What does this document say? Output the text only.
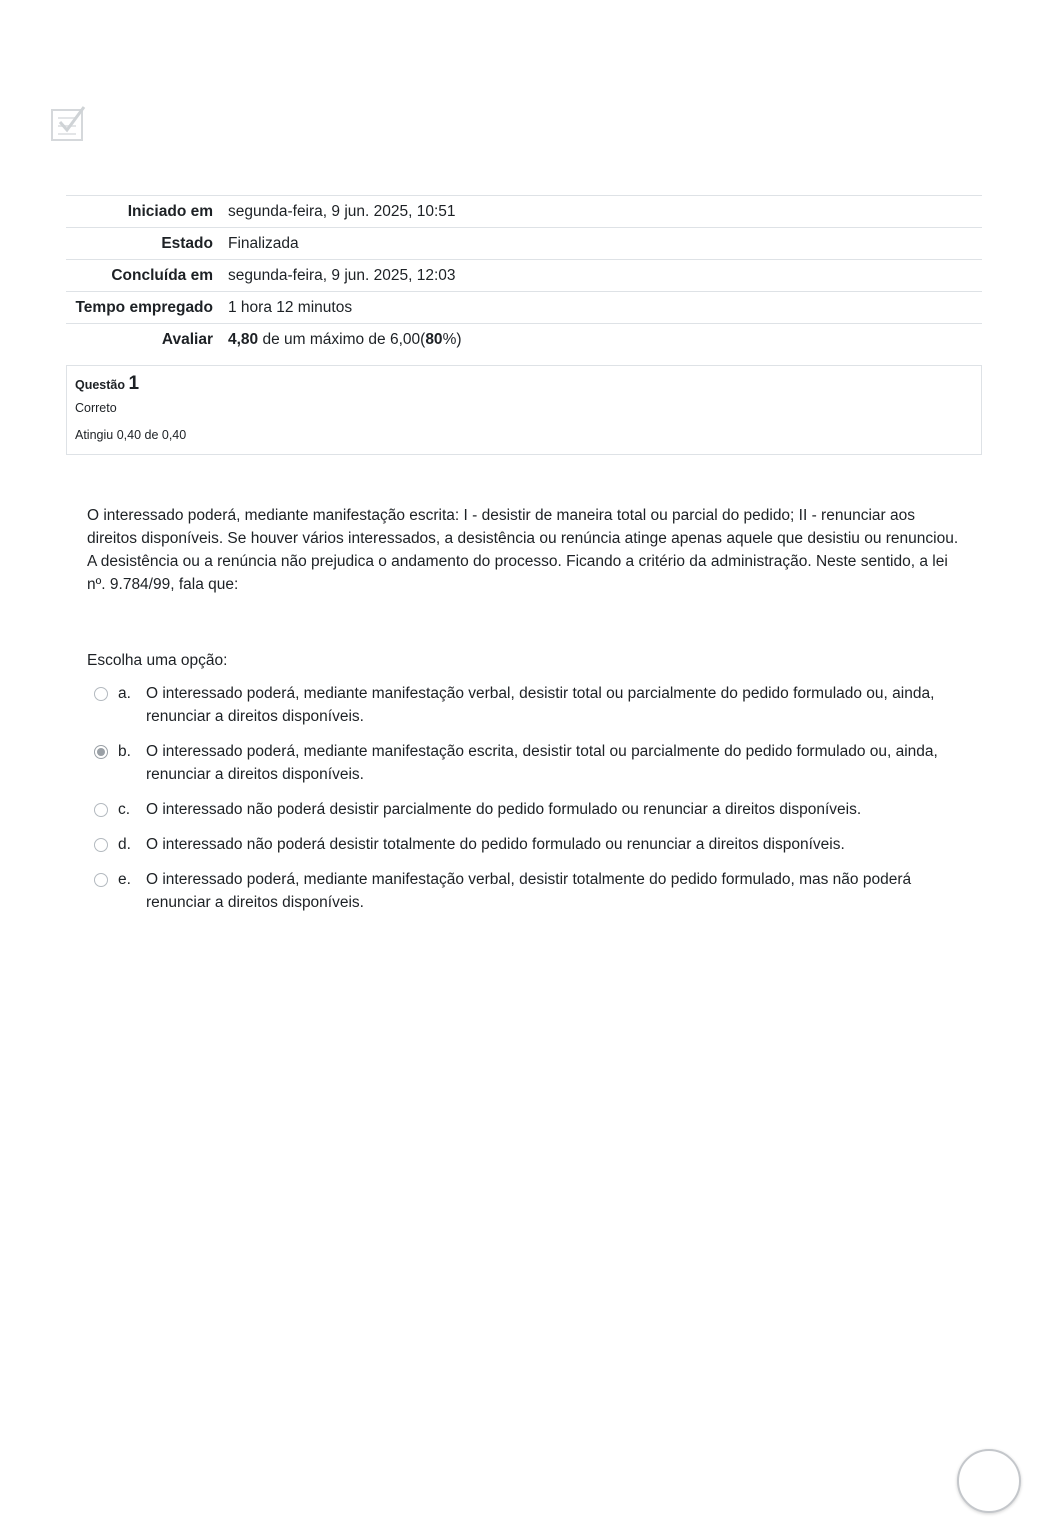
Iniciado em	segunda-feira, 9 jun. 2025, 10:51
Estado	Finalizada
Concluída em	segunda-feira, 9 jun. 2025, 12:03
Tempo empregado	1 hora 12 minutos
Avaliar	4,80 de um máximo de 6,00(80%)
Questão 1
Correto
Atingiu 0,40 de 0,40

O interessado poderá, mediante manifestação escrita: I - desistir de maneira total ou parcial do pedido; II - renunciar aos direitos disponíveis. Se houver vários interessados, a desistência ou renúncia atinge apenas aquele que desistiu ou renunciou. A desistência ou a renúncia não prejudica o andamento do processo. Ficando a critério da administração. Neste sentido, a lei nº. 9.784/99, fala que:

Escolha uma opção:
a. O interessado poderá, mediante manifestação verbal, desistir total ou parcialmente do pedido formulado ou, ainda, renunciar a direitos disponíveis.
b. O interessado poderá, mediante manifestação escrita, desistir total ou parcialmente do pedido formulado ou, ainda, renunciar a direitos disponíveis.
c.	O interessado não poderá desistir parcialmente do pedido formulado ou renunciar a direitos disponíveis.
d. O interessado não poderá desistir totalmente do pedido formulado ou renunciar a direitos disponíveis.
e. O interessado poderá, mediante manifestação verbal, desistir totalmente do pedido formulado, mas não poderá renunciar a direitos disponíveis.
